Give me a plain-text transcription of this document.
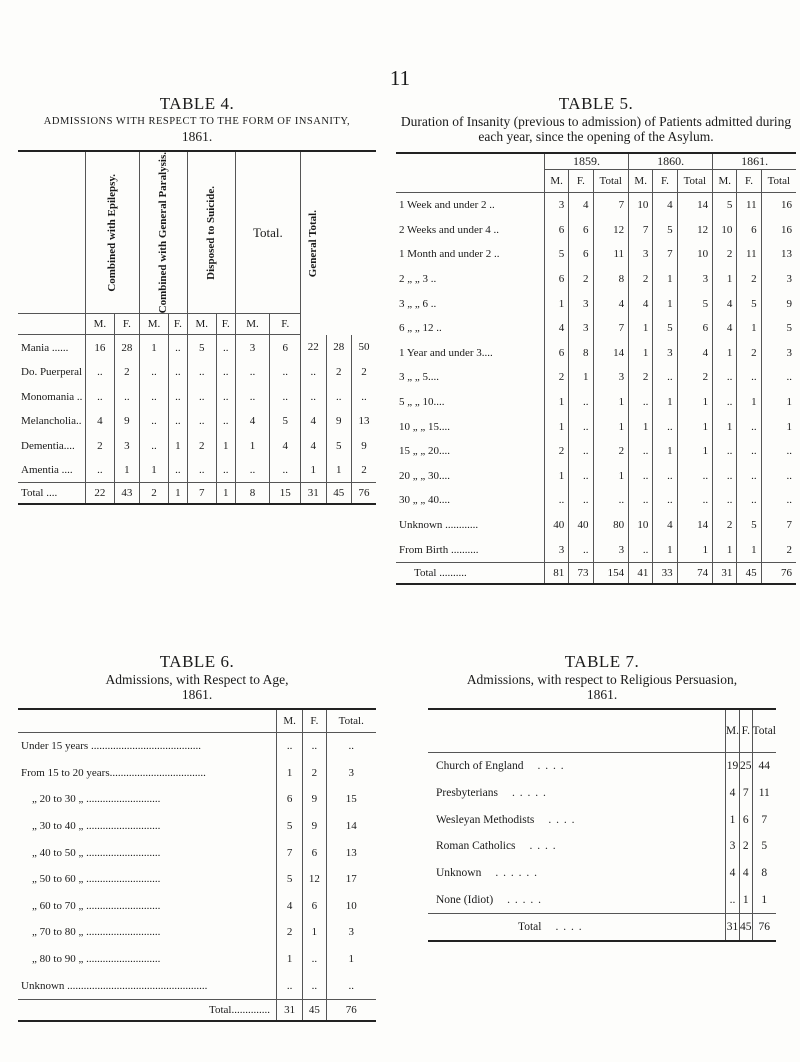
11
TABLE 4.
ADMISSIONS WITH RESPECT TO THE FORM OF INSANITY,
1861.

	Combined with Epilepsy.		Combined with General Paralysis.		Disposed to Suicide.		Total.		General Total.		

	M.	F.	M.	F.	M.	F.	M.	F.			
Mania ......	16	28	1	..	5	..	3	6	22	28	50
Do. Puerperal	..	2	..	..	..	..	..	..	..	2	2
Monomania ..	..	..	..	..	..	..	..	..	..	..	..
Melancholia..	4	9	..	..	..	..	4	5	4	9	13
Dementia....	2	3	..	1	2	1	1	4	4	5	9
Amentia ....	..	1	1	..	..	..	..	..	1	1	2
Total ....	22	43	2	1	7	1	8	15	31	45	76
TABLE 5.
Duration of Insanity (previous to admission) of Patients admitted during
each year, since the opening of the Asylum.
	1859.			1860.			1861.		
	M.	F.	Total	M.	F.	Total	M.	F.	Total
1 Week and under 2 ..	3	4	7	10	4	14	5	11	16
2 Weeks and under 4 ..	6	6	12	7	5	12	10	6	16
1 Month and under 2 ..	5	6	11	3	7	10	2	11	13
2 „ „ 3 ..	6	2	8	2	1	3	1	2	3
3 „ „ 6 ..	1	3	4	4	1	5	4	5	9
6 „ „ 12 ..	4	3	7	1	5	6	4	1	5
1 Year and under 3....	6	8	14	1	3	4	1	2	3
3 „ „ 5....	2	1	3	2	..	2	..	..	..
5 „ „ 10....	1	..	1	..	1	1	..	1	1
10 „ „ 15....	1	..	1	1	..	1	1	..	1
15 „ „ 20....	2	..	2	..	1	1	..	..	..
20 „ „ 30....	1	..	1	..	..	..	..	..	..
30 „ „ 40....	..	..	..	..	..	..	..	..	..
Unknown ............	40	40	80	10	4	14	2	5	7
From Birth ..........	3	..	3	..	1	1	1	1	2
Total ..........	81	73	154	41	33	74	31	45	76
TABLE 6.
Admissions, with Respect to Age,
1861.
	M.	F.	Total.
Under 15 years ........................................	..	..	..
From 15 to 20 years...................................	1	2	3
„ 20 to 30 „ ...........................	6	9	15
„ 30 to 40 „ ...........................	5	9	14
„ 40 to 50 „ ...........................	7	6	13
„ 50 to 60 „ ...........................	5	12	17
„ 60 to 70 „ ...........................	4	6	10
„ 70 to 80 „ ...........................	2	1	3
„ 80 to 90 „ ...........................	1	..	1
Unknown ...................................................	..	..	..
Total..............	31	45	76
TABLE 7.
Admissions, with respect to Religious Persuasion,
1861.
	M.	F.	Total
Church of England . . . .	19	25	44
Presbyterians . . . . .	4	7	11
Wesleyan Methodists . . . .	1	6	7
Roman Catholics . . . .	3	2	5
Unknown . . . . . .	4	4	8
None (Idiot) . . . . .	..	1	1
Total . . . .	31	45	76
